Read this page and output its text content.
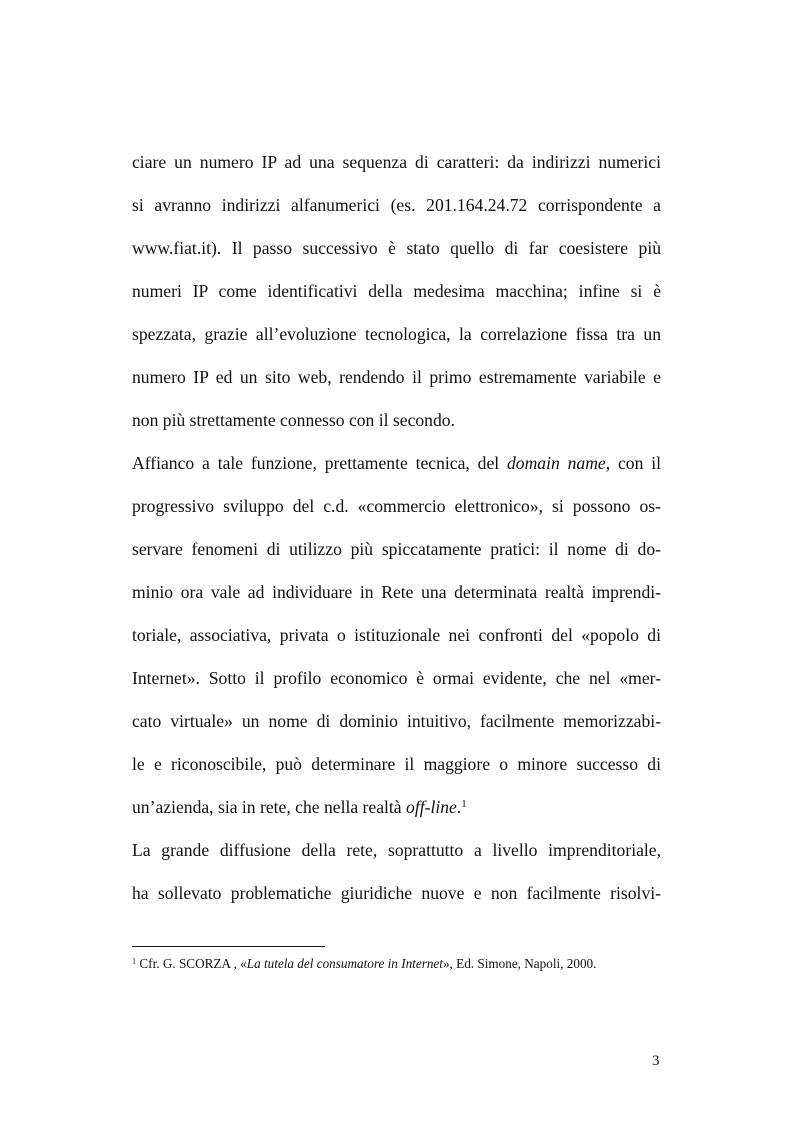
ciare un numero IP ad una sequenza di caratteri: da indirizzi numerici
si avranno indirizzi alfanumerici (es. 201.164.24.72 corrispondente a
www.fiat.it). Il passo successivo è stato quello di far coesistere più
numeri IP come identificativi della medesima macchina; infine si è
spezzata, grazie all’evoluzione tecnologica, la correlazione fissa tra un
numero IP ed un sito web, rendendo il primo estremamente variabile e
non più strettamente connesso con il secondo.
Affianco a tale funzione, prettamente tecnica, del domain name, con il
progressivo sviluppo del c.d. «commercio elettronico», si possono os-
servare fenomeni di utilizzo più spiccatamente pratici: il nome di do-
minio ora vale ad individuare in Rete una determinata realtà imprendi-
toriale, associativa, privata o istituzionale nei confronti del «popolo di
Internet». Sotto il profilo economico è ormai evidente, che nel «mer-
cato virtuale» un nome di dominio intuitivo, facilmente memorizzabi-
le e riconoscibile, può determinare il maggiore o minore successo di
un’azienda, sia in rete, che nella realtà off-line.$^1$
La grande diffusione della rete, soprattutto a livello imprenditoriale,
ha sollevato problematiche giuridiche nuove e non facilmente risolvi-
$^1$ Cfr. G. SCORZA , «La tutela del consumatore in Internet», Ed. Simone, Napoli, 2000.
3
